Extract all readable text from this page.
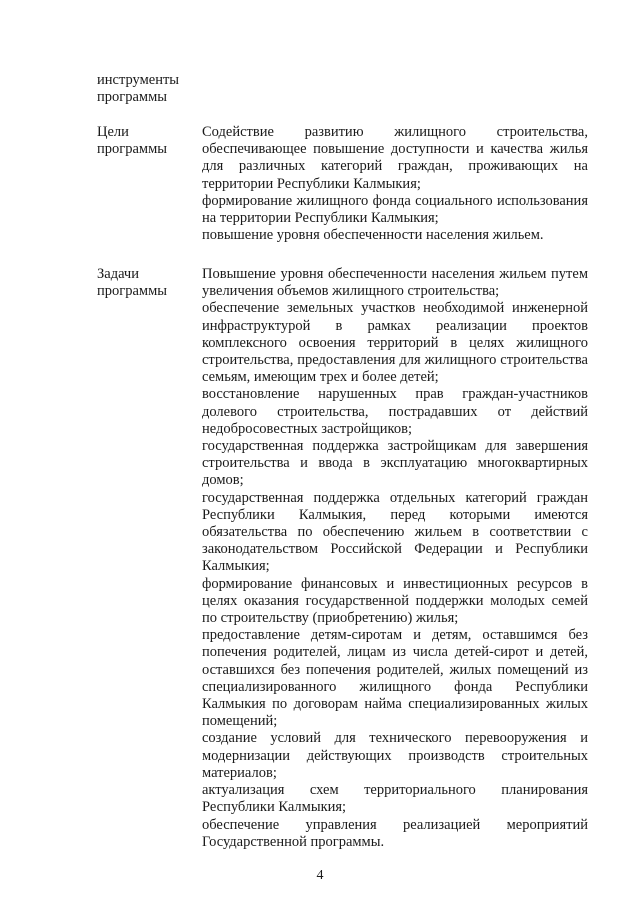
инструменты программы
Цели программы

Содействие развитию жилищного строительства, обеспечивающее повышение доступности и качества жилья для различных категорий граждан, проживающих на территории Республики Калмыкия;

формирование жилищного фонда социального использования на территории Республики Калмыкия;

повышение уровня обеспеченности населения жильем.

Задачи программы

Повышение уровня обеспеченности населения жильем путем увеличения объемов жилищного строительства;

обеспечение земельных участков необходимой инженерной инфраструктурой в рамках реализации проектов комплексного освоения территорий в целях жилищного строительства, предоставления для жилищного строительства семьям, имеющим трех и более детей;

восстановление нарушенных прав граждан-участников долевого строительства, пострадавших от действий недобросовестных застройщиков;

государственная поддержка застройщикам для завершения строительства и ввода в эксплуатацию многоквартирных домов;

государственная поддержка отдельных категорий граждан Республики Калмыкия, перед которыми имеются обязательства по обеспечению жильем в соответствии с законодательством Российской Федерации и Республики Калмыкия;

формирование финансовых и инвестиционных ресурсов в целях оказания государственной поддержки молодых семей по строительству (приобретению) жилья;

предоставление детям-сиротам и детям, оставшимся без попечения родителей, лицам из числа детей-сирот и детей, оставшихся без попечения родителей, жилых помещений из специализированного жилищного фонда Республики Калмыкия по договорам найма специализированных жилых помещений;

создание условий для технического перевооружения и модернизации действующих производств строительных материалов;

актуализация схем территориального планирования Республики Калмыкия;

обеспечение управления реализацией мероприятий Государственной программы.

4
